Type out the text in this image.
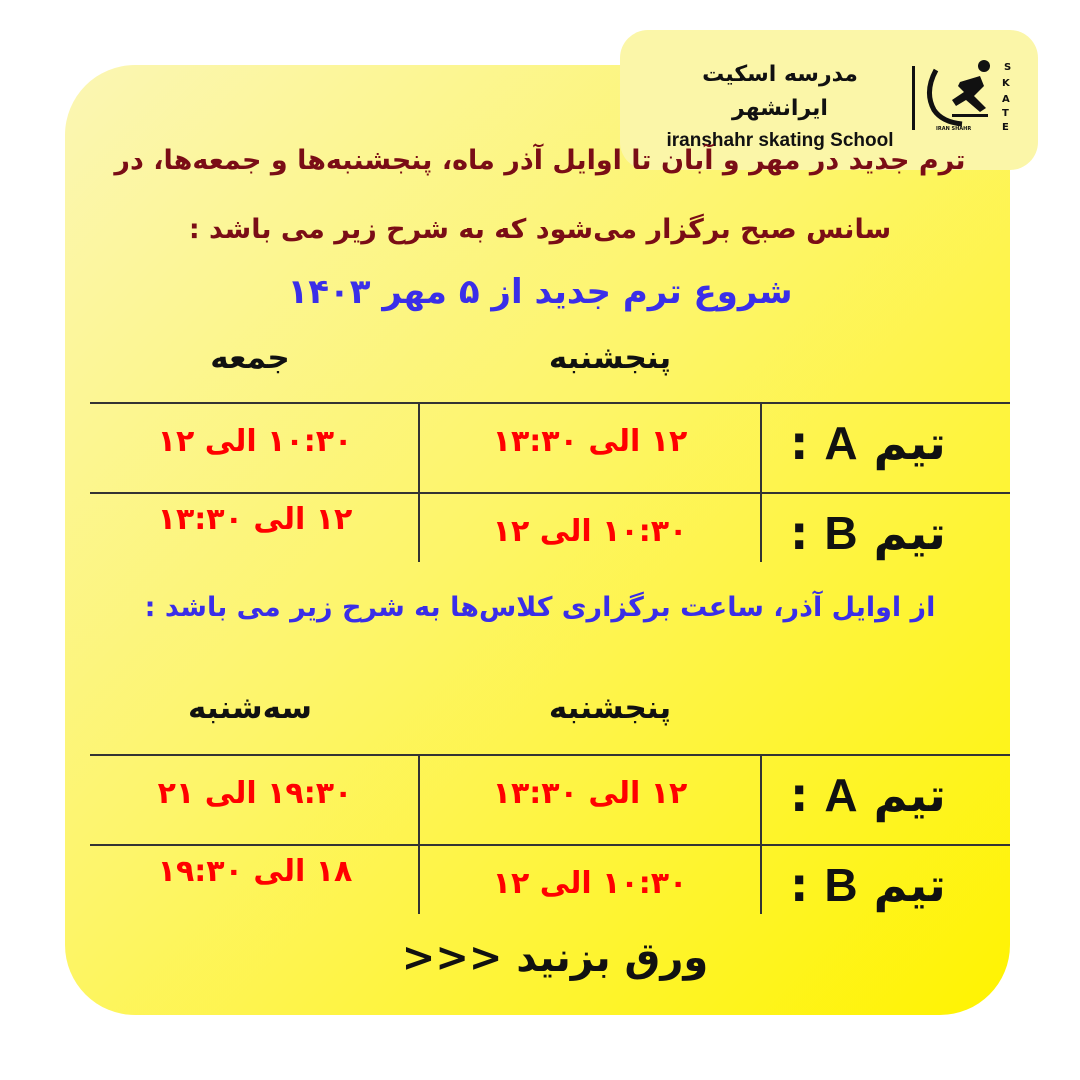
مدرسه اسکیت ایرانشهر
iranshahr skating School
S
K
A
T
E
IRAN SHAHR
ترم جدید در مهر و آبان تا اوایل آذر ماه، پنجشنبه‌ها و جمعه‌ها، در
سانس صبح برگزار می‌شود که به شرح زیر می باشد :
شروع ترم جدید از ۵ مهر ۱۴۰۳
جمعه	پنجشنبه
تیم A :
۱۲ الی ۱۳:۳۰
۱۰:۳۰ الی ۱۲
تیم B :
۱۰:۳۰ الی ۱۲
۱۲ الی ۱۳:۳۰
از اوایل آذر، ساعت برگزاری کلاس‌ها به شرح زیر می باشد :
سه‌شنبه	پنجشنبه
تیم A :
۱۲ الی ۱۳:۳۰
۱۹:۳۰ الی ۲۱
تیم B :
۱۰:۳۰ الی ۱۲
۱۸ الی ۱۹:۳۰
ورق بزنید <<<
